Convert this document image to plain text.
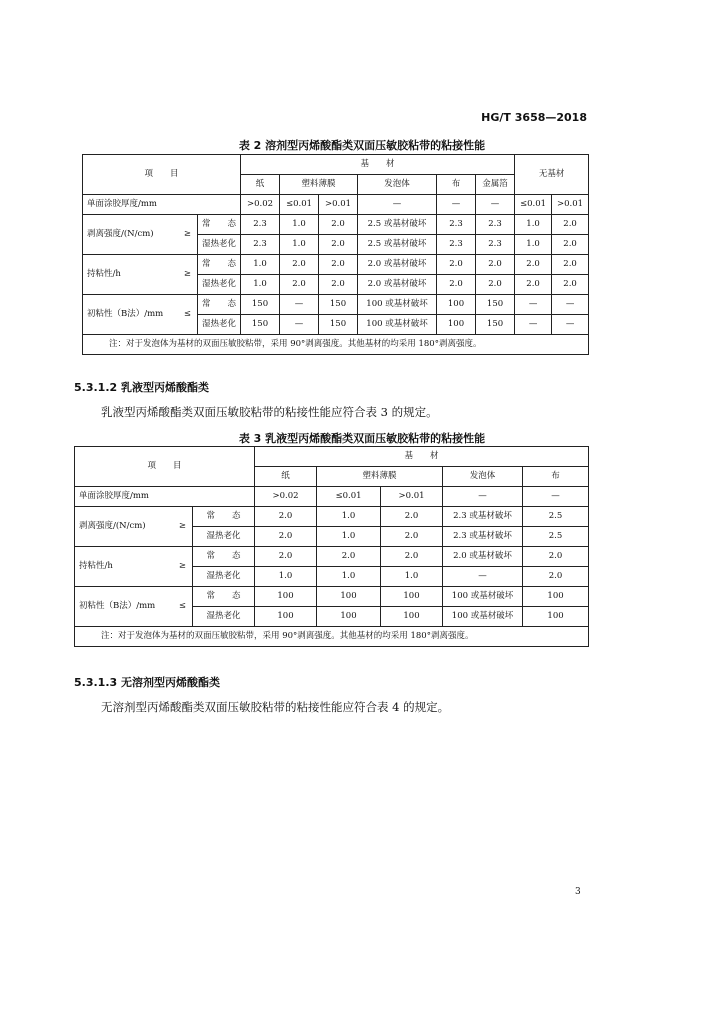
HG/T 3658—2018
表 2 溶剂型丙烯酸酯类双面压敏胶粘带的粘接性能
项　　目		基　　材						无基材	
		纸	塑料薄膜		发泡体	布	金属箔		
单面涂胶厚度/mm		>0.02	≤0.01	>0.01	—	—	—	≤0.01	>0.01
剥离强度/(N/cm) ≥	常　　态	2.3	1.0	2.0	2.5 或基材破坏	2.3	2.3	1.0	2.0
	湿热老化	2.3	1.0	2.0	2.5 或基材破坏	2.3	2.3	1.0	2.0
持粘性/h ≥	常　　态	1.0	2.0	2.0	2.0 或基材破坏	2.0	2.0	2.0	2.0
	湿热老化	1.0	2.0	2.0	2.0 或基材破坏	2.0	2.0	2.0	2.0
初粘性（B法）/mm ≤	常　　态	150	—	150	100 或基材破坏	100	150	—	—
	湿热老化	150	—	150	100 或基材破坏	100	150	—	—
注：对于发泡体为基材的双面压敏胶粘带，采用 90°剥离强度。其他基材的均采用 180°剥离强度。									
5.3.1.2 乳液型丙烯酸酯类
乳液型丙烯酸酯类双面压敏胶粘带的粘接性能应符合表 3 的规定。
表 3 乳液型丙烯酸酯类双面压敏胶粘带的粘接性能
项　　目		基　　材				
		纸	塑料薄膜		发泡体	布
单面涂胶厚度/mm		>0.02	≤0.01	>0.01	—	—
剥离强度/(N/cm) ≥	常　　态	2.0	1.0	2.0	2.3 或基材破坏	2.5
	湿热老化	2.0	1.0	2.0	2.3 或基材破坏	2.5
持粘性/h ≥	常　　态	2.0	2.0	2.0	2.0 或基材破坏	2.0
	湿热老化	1.0	1.0	1.0	—	2.0
初粘性（B法）/mm ≤	常　　态	100	100	100	100 或基材破坏	100
	湿热老化	100	100	100	100 或基材破坏	100
注：对于发泡体为基材的双面压敏胶粘带，采用 90°剥离强度。其他基材的均采用 180°剥离强度。						
5.3.1.3 无溶剂型丙烯酸酯类
无溶剂型丙烯酸酯类双面压敏胶粘带的粘接性能应符合表 4 的规定。
3
